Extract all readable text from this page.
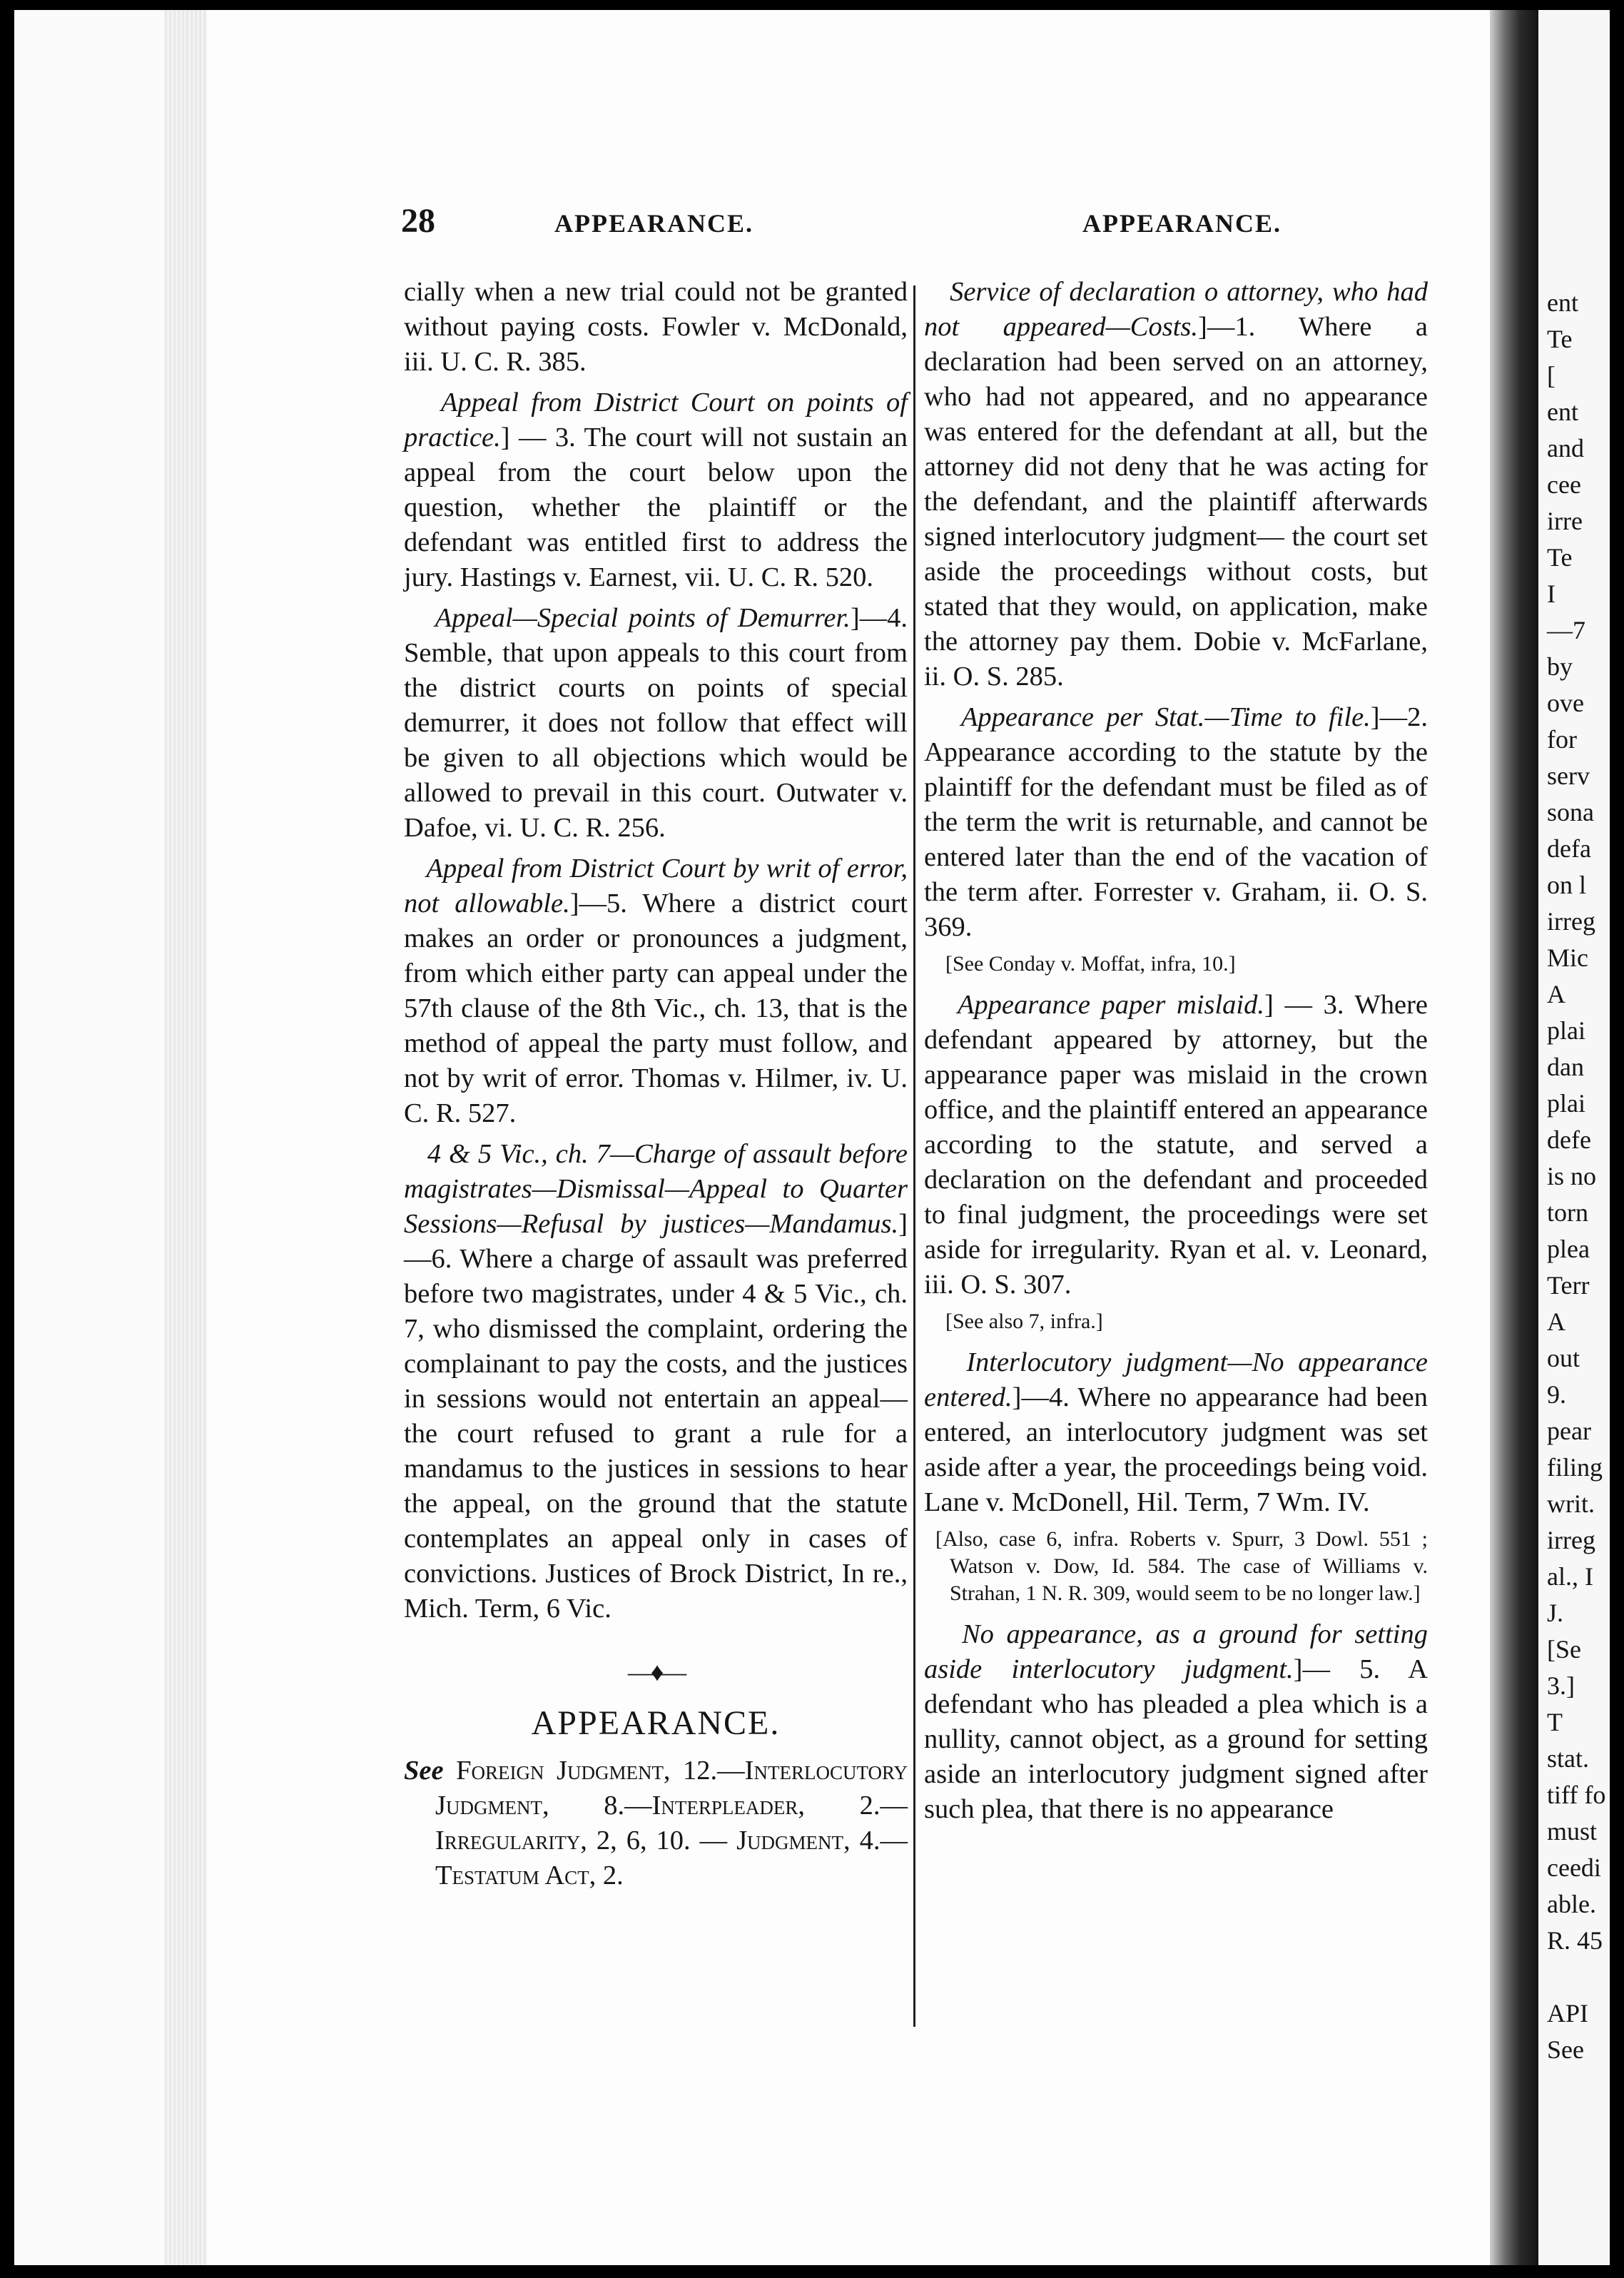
ent
Te
[
ent
and
cee
irre
Te
I
—7
by
ove
for
serv
sona
defa
on l
irreg
Mic
A
plai
dan
plai
defe
is no
torn
plea
Terr
A
out
9.
pear
filing
writ.
irreg
al., I
J.
[Se
3.]
T
stat.
tiff fo
must
ceedi
able.
R. 45
API
See
28	APPEARANCE.	APPEARANCE.

cially when a new trial could not be granted without paying costs. Fowler v. McDonald, iii. U. C. R. 385.

Appeal from District Court on points of practice.] — 3. The court will not sustain an appeal from the court below upon the question, whether the plaintiff or the defendant was entitled first to address the jury. Hastings v. Earnest, vii. U. C. R. 520.

Appeal—Special points of Demurrer.]—4. Semble, that upon appeals to this court from the district courts on points of special demurrer, it does not follow that effect will be given to all objections which would be allowed to prevail in this court. Outwater v. Dafoe, vi. U. C. R. 256.

Appeal from District Court by writ of error, not allowable.]—5. Where a district court makes an order or pronounces a judgment, from which either party can appeal under the 57th clause of the 8th Vic., ch. 13, that is the method of appeal the party must follow, and not by writ of error. Thomas v. Hilmer, iv. U. C. R. 527.

4 & 5 Vic., ch. 7—Charge of assault before magistrates—Dismissal—Appeal to Quarter Sessions—Refusal by justices—Mandamus.]—6. Where a charge of assault was preferred before two magistrates, under 4 & 5 Vic., ch. 7, who dismissed the complaint, ordering the complainant to pay the costs, and the justices in sessions would not entertain an appeal—the court refused to grant a rule for a mandamus to the justices in sessions to hear the appeal, on the ground that the statute contemplates an appeal only in cases of convictions. Justices of Brock District, In re., Mich. Term, 6 Vic.

—♦—
APPEARANCE.
See Foreign Judgment, 12.—Interlocutory Judgment, 8.—Interpleader, 2.—Irregularity, 2, 6, 10. — Judgment, 4.— Testatum Act, 2.

Service of declaration o attorney, who had not appeared—Costs.]—1. Where a declaration had been served on an attorney, who had not appeared, and no appearance was entered for the defendant at all, but the attorney did not deny that he was acting for the defendant, and the plaintiff afterwards signed interlocutory judgment— the court set aside the proceedings without costs, but stated that they would, on application, make the attorney pay them. Dobie v. McFarlane, ii. O. S. 285.

Appearance per Stat.—Time to file.]—2. Appearance according to the statute by the plaintiff for the defendant must be filed as of the term the writ is returnable, and cannot be entered later than the end of the vacation of the term after. Forrester v. Graham, ii. O. S. 369.

[See Conday v. Moffat, infra, 10.]

Appearance paper mislaid.] — 3. Where defendant appeared by attorney, but the appearance paper was mislaid in the crown office, and the plaintiff entered an appearance according to the statute, and served a declaration on the defendant and proceeded to final judgment, the proceedings were set aside for irregularity. Ryan et al. v. Leonard, iii. O. S. 307.

[See also 7, infra.]

Interlocutory judgment—No appearance entered.]—4. Where no appearance had been entered, an interlocutory judgment was set aside after a year, the proceedings being void. Lane v. McDonell, Hil. Term, 7 Wm. IV.

[Also, case 6, infra. Roberts v. Spurr, 3 Dowl. 551 ; Watson v. Dow, Id. 584. The case of Williams v. Strahan, 1 N. R. 309, would seem to be no longer law.]

No appearance, as a ground for setting aside interlocutory judgment.]— 5. A defendant who has pleaded a plea which is a nullity, cannot object, as a ground for setting aside an interlocutory judgment signed after such plea, that there is no appearance
